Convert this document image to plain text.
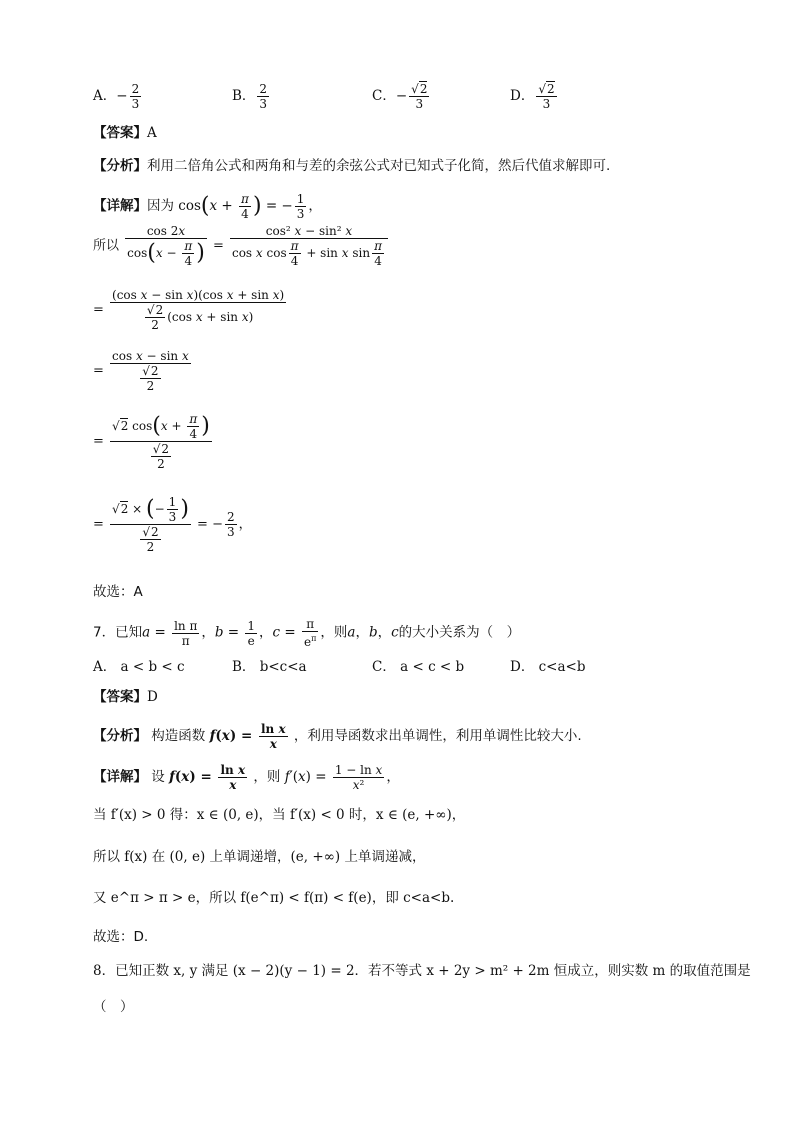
A．− $\frac{2}{3}$	B． $\frac{2}{3}$	C．− $\frac{√2}{3}$	D． $\frac{√2}{3}$
【答案】A
【分析】利用二倍角公式和两角和与差的余弦公式对已知式子化简，然后代值求解即可.
【详解】因为 $\cos(x + \frac{\pi}{4}$ ) = − $\frac{1}{3}$ ，
所以 $\frac{\cos 2x}{\cos(x - \frac{\pi}{4} )} = \frac{\text{cos² x − sin² x}}{\cos x \cos \frac{\pi}{4} + \sin x \sin \frac{\pi}{4}}$
= $\frac{\text{(cos x − sin x)(cos x + sin x)}}{\frac{√2}{2} (\cos x + \sin x)}$
= $\frac{\text{cos x − sin x}}{\frac{√2}{2}}$
= $\frac{√2 \cos(x + \frac{\pi}{4} )}{\frac{√2}{2}}$
= $\frac{√2 \times (- \frac{1}{3} )}{\frac{√2}{2}}$ = − $\frac{2}{3}$ ，
故选：A
7．已知$a = \frac{\text{ln π}}{\pi}$ ，$b = \frac{1}{e}$ ，$c = \frac{\pi}{e^\pi}$ ，则a，b，c的大小关系为（　）
A． a < b < c	B． b<c<a	C． a < c < b	D． c<a<b
【答案】D
【分析】 构造函数 $f(x) = \frac{\text{ln x}}{x}$ ，利用导函数求出单调性，利用单调性比较大小.
【详解】 设 $f(x) = \frac{\text{ln x}}{x}$ ，则 $f'(x) = \frac{\text{1 − ln x}}{\text{x²}}$ ，
当 f′(x) > 0 得：x ∈ (0, e)，当 f′(x) < 0 时，x ∈ (e, +∞)，
所以 f(x) 在 (0, e) 上单调递增，(e, +∞) 上单调递减，
又 e^π > π > e，所以 f(e^π) < f(π) < f(e)，即 c<a<b.
故选：D.
8．已知正数 x, y 满足 (x − 2)(y − 1) = 2．若不等式 x + 2y > m² + 2m 恒成立，则实数 m 的取值范围是
（　）
